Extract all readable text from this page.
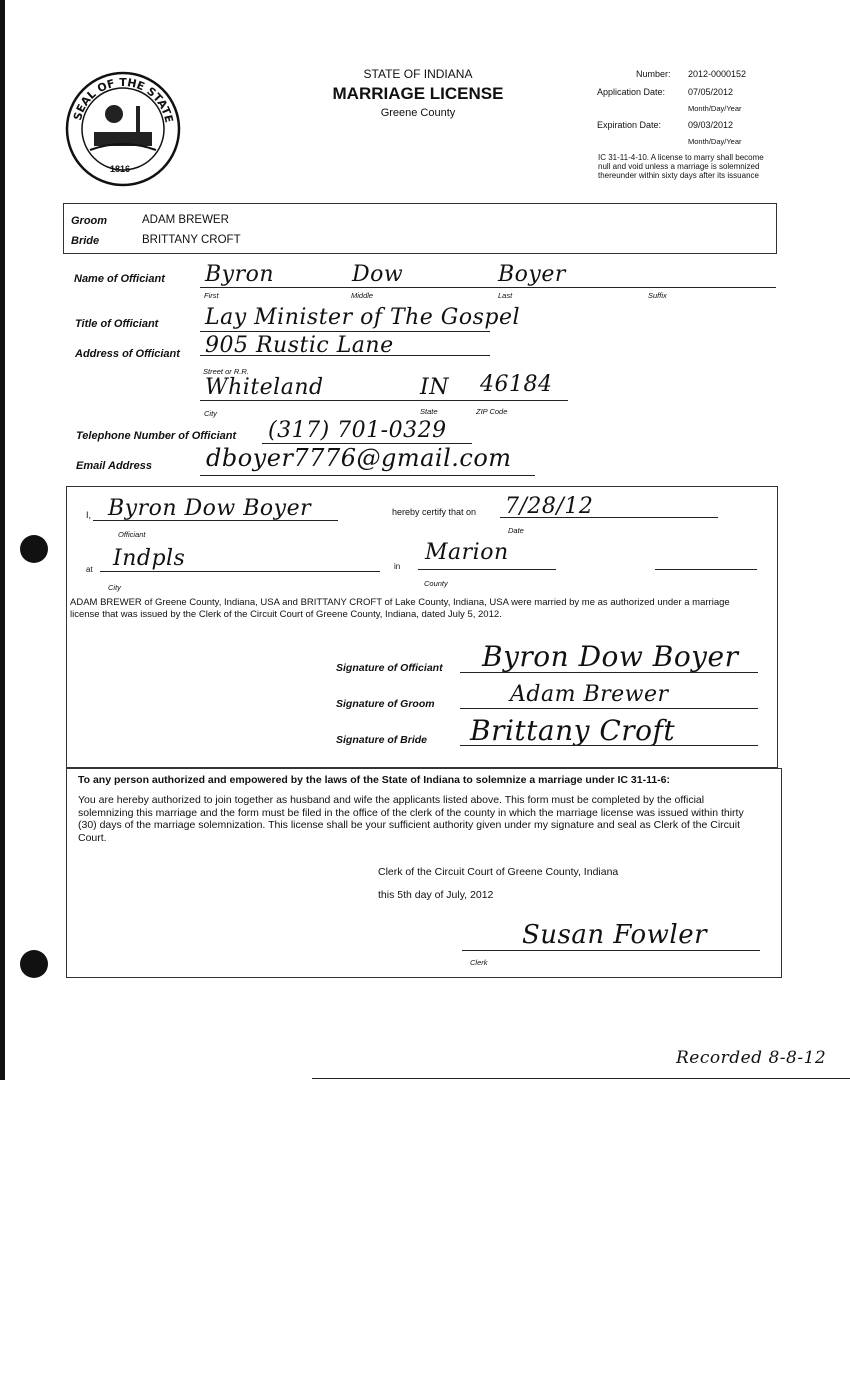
SEAL OF THE STATE
1816
STATE OF INDIANA
MARRIAGE LICENSE
Greene County
Number: 2012-0000152
Application Date:	07/05/2012
Month/Day/Year
Expiration Date:	09/03/2012
Month/Day/Year
IC 31-11-4-10. A license to marry shall become null and void unless a marriage is solemnized thereunder within sixty days after its issuance
Groom	ADAM BREWER
Bride	BRITTANY CROFT
Name of Officiant Byron	Dow	Boyer
First	Middle	Last	Suffix
Title of Officiant Lay Minister of The Gospel
Address of Officiant 905 Rustic Lane
Street or R.R.
Whiteland	IN 46184
City	State	ZIP Code
Telephone Number of Officiant (317) 701-0329
Email Address dboyer7776@gmail.com
I, Byron Dow Boyer
Officiant
hereby certify that on 7/28/12
Date
at Indpls
City
in
Marion
County
ADAM BREWER of Greene County, Indiana, USA and BRITTANY CROFT of Lake County, Indiana, USA were married by me as authorized under a marriage license that was issued by the Clerk of the Circuit Court of Greene County, Indiana, dated July 5, 2012.
Signature of Officiant Byron Dow Boyer
Signature of Groom	Adam Brewer
Signature of Bride Brittany Croft
To any person authorized and empowered by the laws of the State of Indiana to solemnize a marriage under IC 31-11-6:
You are hereby authorized to join together as husband and wife the applicants listed above. This form must be completed by the official solemnizing this marriage and the form must be filed in the office of the clerk of the county in which the marriage license was issued within thirty (30) days of the marriage solemnization. This license shall be your sufficient authority given under my signature and seal as Clerk of the Circuit Court.
Clerk of the Circuit Court of Greene County, Indiana
this 5th day of July, 2012
Susan Fowler
Clerk
Recorded 8-8-12
